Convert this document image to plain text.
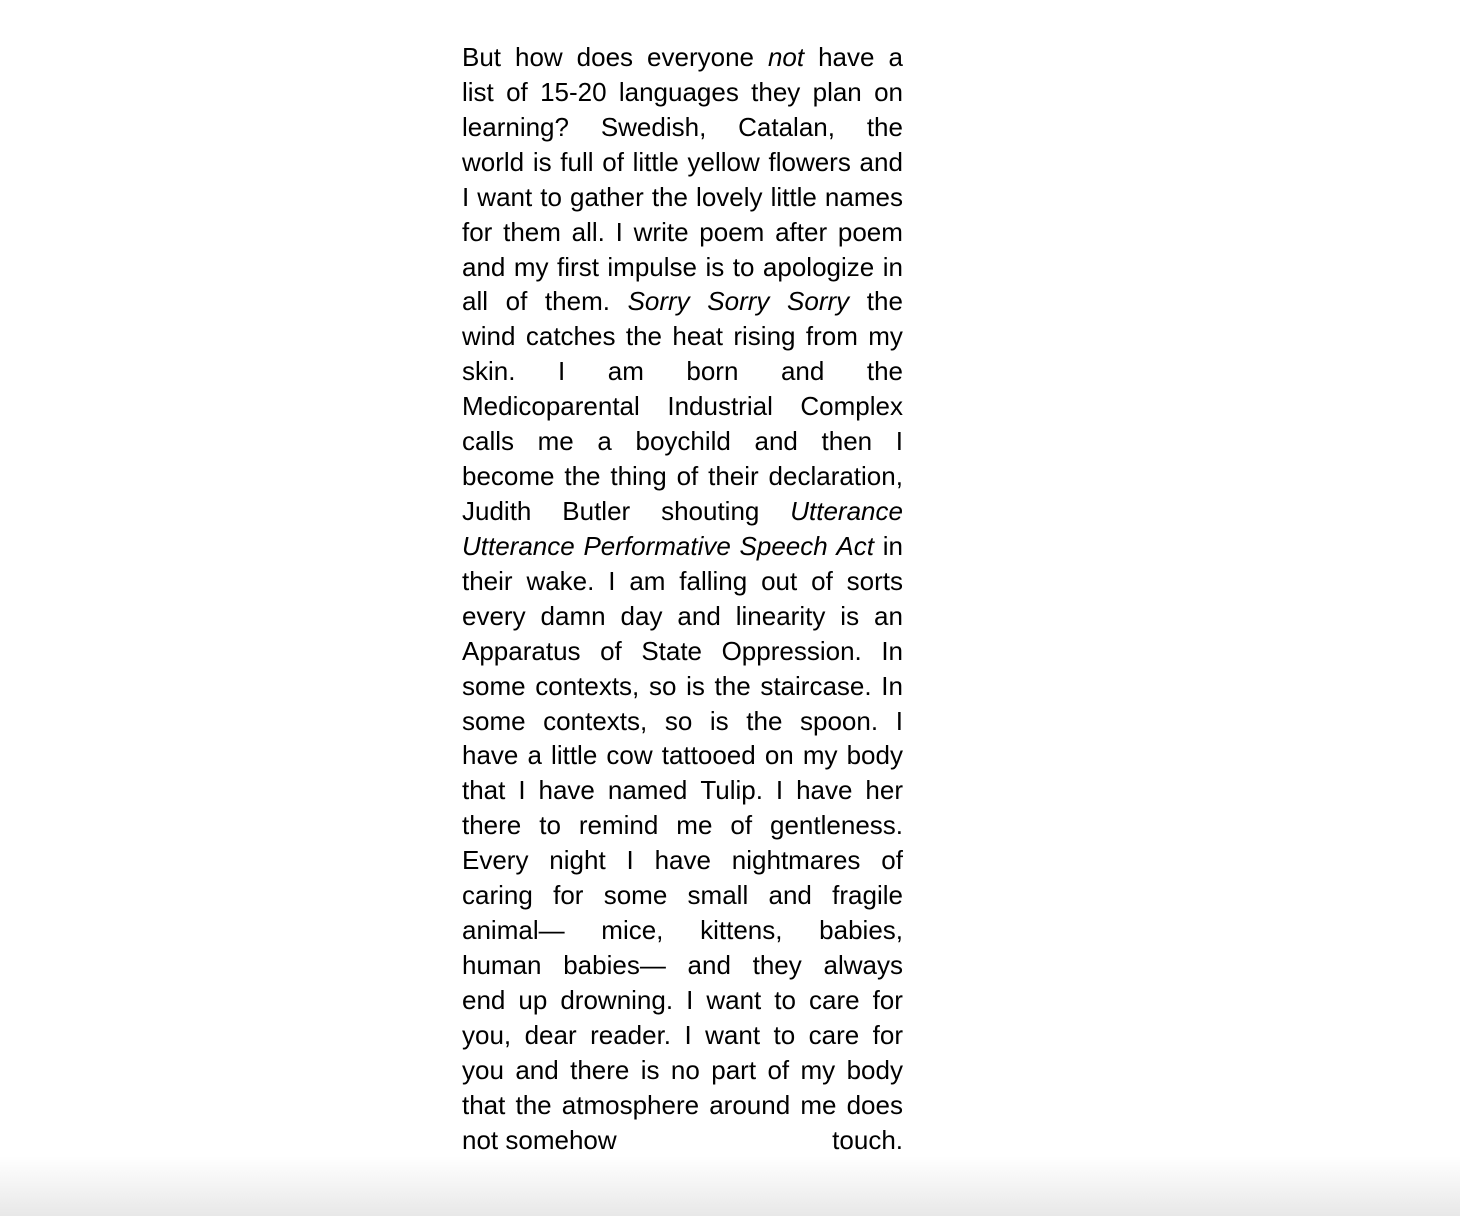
But how does everyone not have a
list of 15-20 languages they plan on
learning? Swedish, Catalan, the
world is full of little yellow flowers and
I want to gather the lovely little names
for them all. I write poem after poem
and my first impulse is to apologize in
all of them. Sorry Sorry Sorry the
wind catches the heat rising from my
skin. I am born and the
Medicoparental Industrial Complex
calls me a boychild and then I
become the thing of their declaration,
Judith Butler shouting Utterance
Utterance Performative Speech Act in
their wake. I am falling out of sorts
every damn day and linearity is an
Apparatus of State Oppression. In
some contexts, so is the staircase. In
some contexts, so is the spoon. I
have a little cow tattooed on my body
that I have named Tulip. I have her
there to remind me of gentleness.
Every night I have nightmares of
caring for some small and fragile
animal— mice, kittens, babies,
human babies— and they always
end up drowning. I want to care for
you, dear reader. I want to care for
you and there is no part of my body
that the atmosphere around me does
not somehow	touch.
